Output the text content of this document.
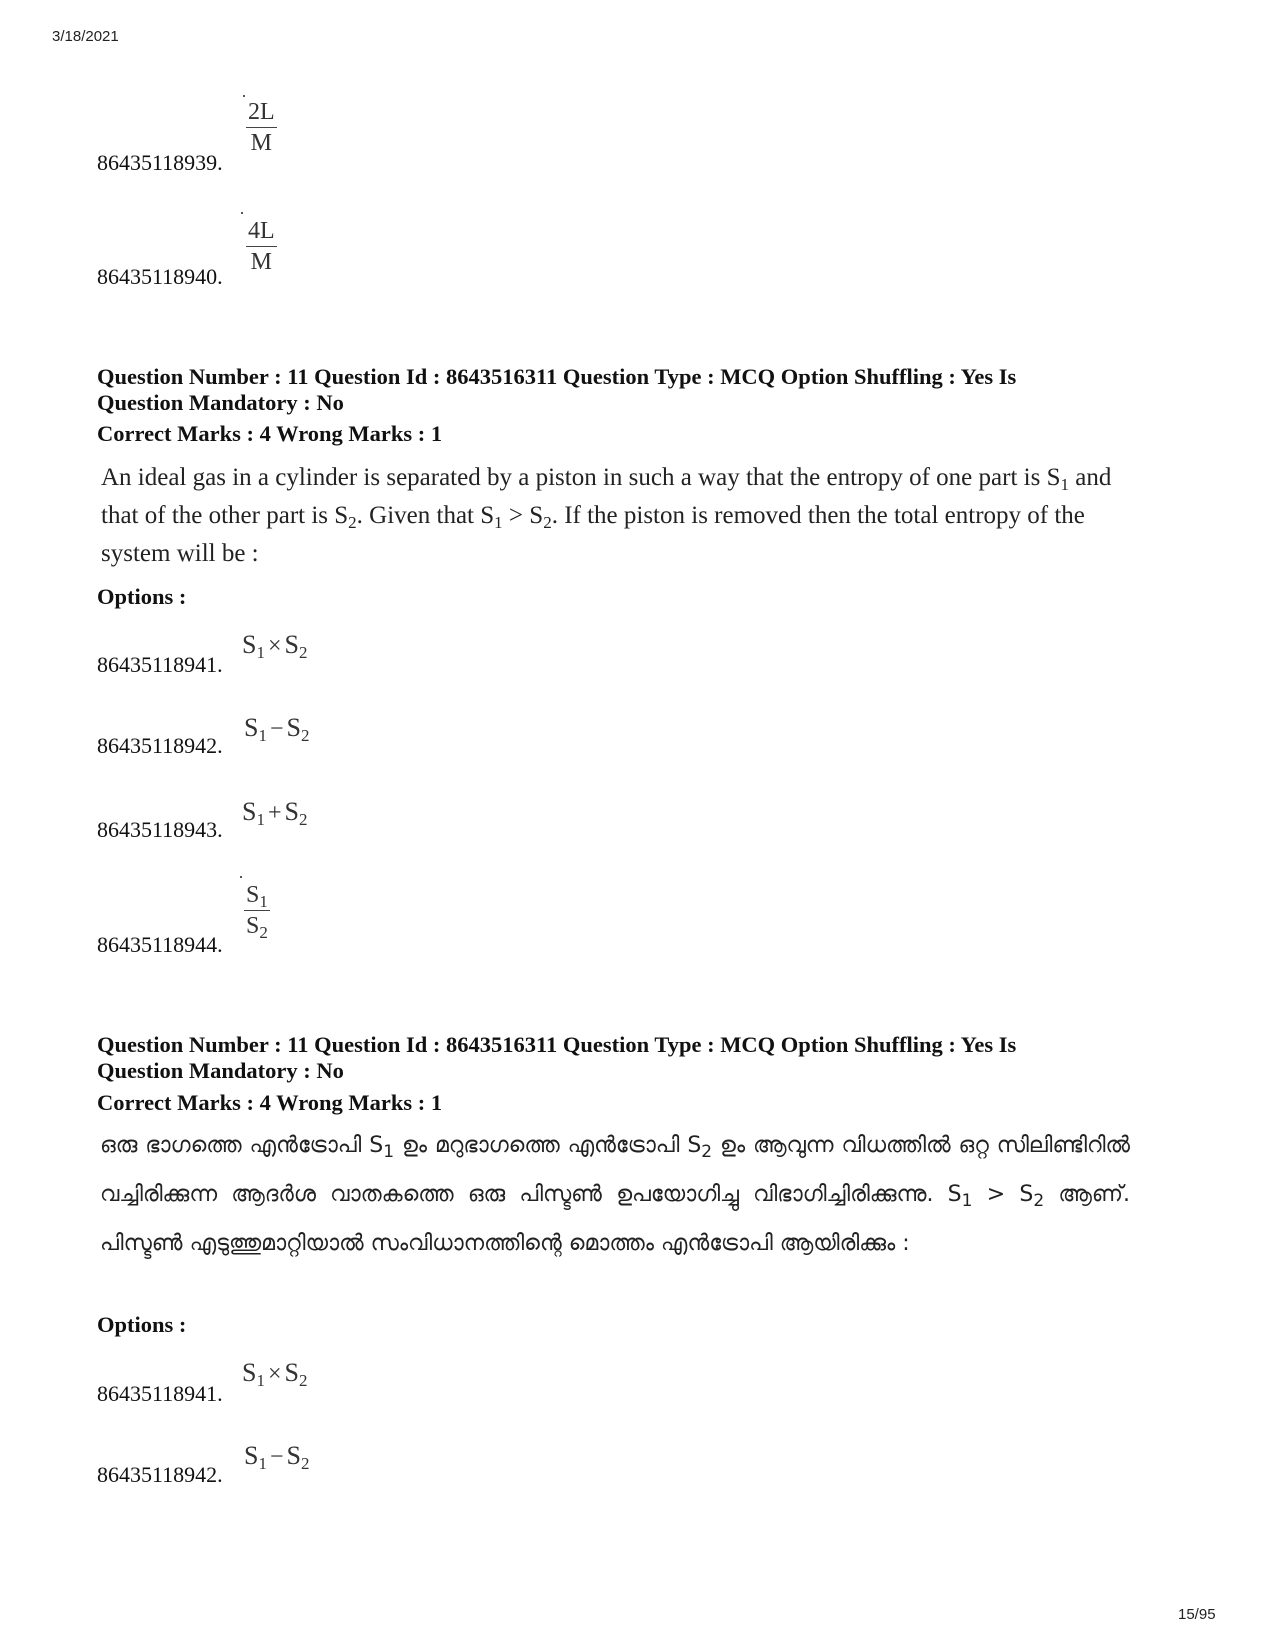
3/18/2021
15/95
$\frac{2L}{M}$
86435118939.
$\frac{4L}{M}$
86435118940.
Question Number : 11 Question Id : 8643516311 Question Type : MCQ Option Shuffling : Yes Is
Question Mandatory : No
Correct Marks : 4 Wrong Marks : 1
An ideal gas in a cylinder is separated by a piston in such a way that the entropy of one part is $S_1$ and that of the other part is $S_2$. Given that $S_1 > S_2$. If the piston is removed then the total entropy of the system will be :
Options :
$S_1 \times S_2$
86435118941.
$S_1 - S_2$
86435118942.
$S_1 + S_2$
86435118943.
$\frac{S_1}{S_2}$
86435118944.
Question Number : 11 Question Id : 8643516311 Question Type : MCQ Option Shuffling : Yes Is
Question Mandatory : No
Correct Marks : 4 Wrong Marks : 1
ഒരു ഭാഗത്തെ എൻട്രോപി $S_1$ ഉം മറുഭാഗത്തെ എൻട്രോപി $S_2$ ഉം ആവുന്ന വിധത്തിൽ ഒറ്റ സിലിണ്ടിറിൽ വച്ചിരിക്കുന്ന ആദർശ വാതകത്തെ ഒരു പിസ്ടൺ ഉപയോഗിച്ചു വിഭാഗിച്ചിരിക്കുന്നു. $S_1 > S_2$ ആണ്. പിസ്ടൺ എടുത്തുമാറ്റിയാൽ സംവിധാനത്തിന്റെ മൊത്തം എൻട്രോപി ആയിരിക്കും :
Options :
$S_1 \times S_2$
86435118941.
$S_1 - S_2$
86435118942.
